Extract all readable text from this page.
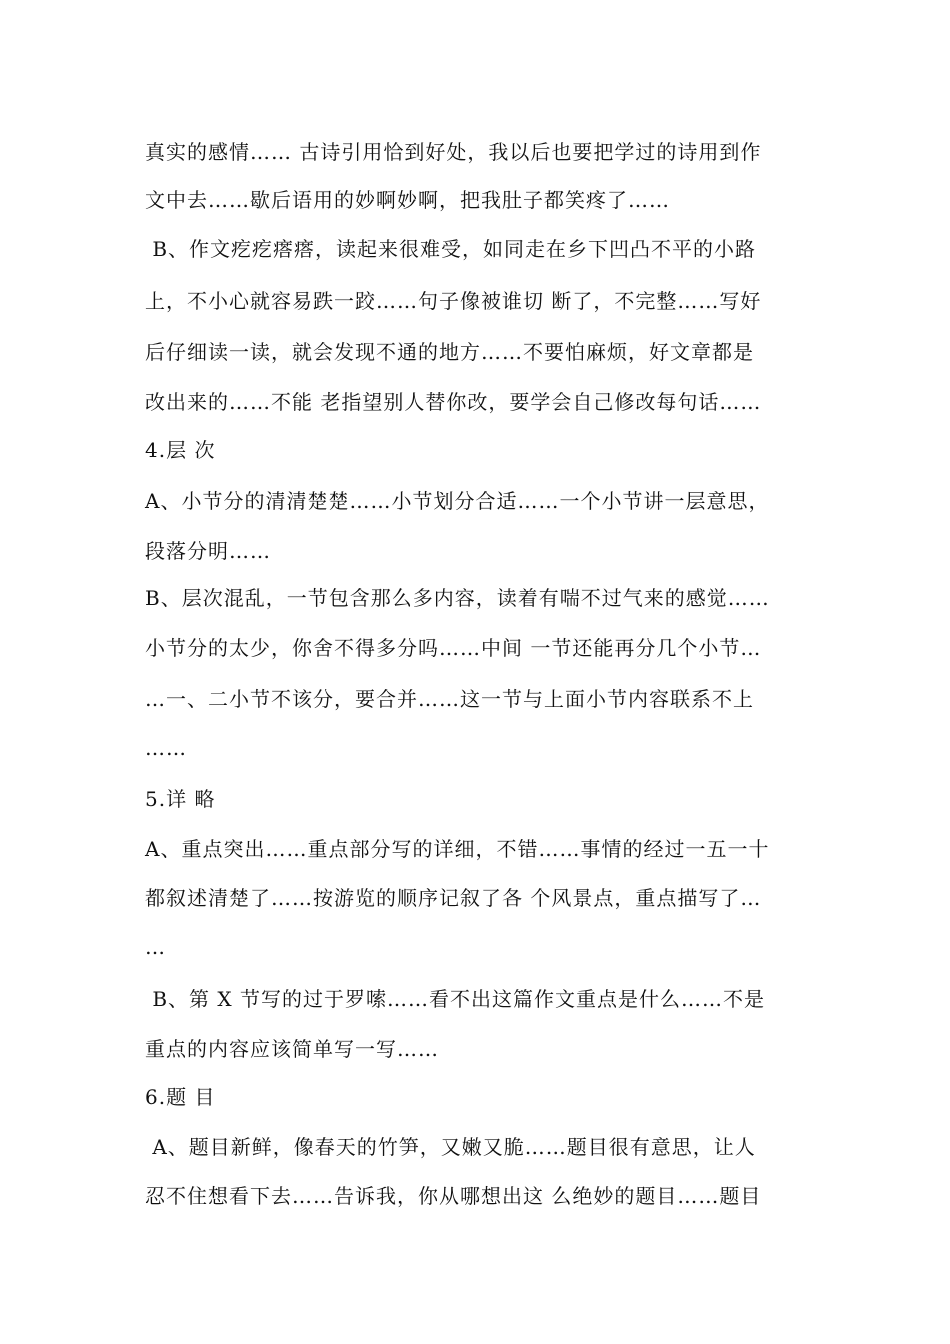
真实的感情…… 古诗引用恰到好处，我以后也要把学过的诗用到作
文中去……歇后语用的妙啊妙啊，把我肚子都笑疼了……
B、作文疙疙瘩瘩，读起来很难受，如同走在乡下凹凸不平的小路
上，不小心就容易跌一跤……句子像被谁切 断了，不完整……写好
后仔细读一读，就会发现不通的地方……不要怕麻烦，好文章都是
改出来的……不能 老指望别人替你改，要学会自己修改每句话……
4.层 次
A、小节分的清清楚楚……小节划分合适……一个小节讲一层意思，
段落分明……
B、层次混乱，一节包含那么多内容，读着有喘不过气来的感觉……
小节分的太少，你舍不得多分吗……中间 一节还能再分几个小节…
…一、二小节不该分，要合并……这一节与上面小节内容联系不上
……
5.详 略
A、重点突出……重点部分写的详细，不错……事情的经过一五一十
都叙述清楚了……按游览的顺序记叙了各 个风景点，重点描写了…
…
B、第 X 节写的过于罗嗦……看不出这篇作文重点是什么……不是
重点的内容应该简单写一写……
6.题 目
A、题目新鲜，像春天的竹笋，又嫩又脆……题目很有意思，让人
忍不住想看下去……告诉我，你从哪想出这 么绝妙的题目……题目
